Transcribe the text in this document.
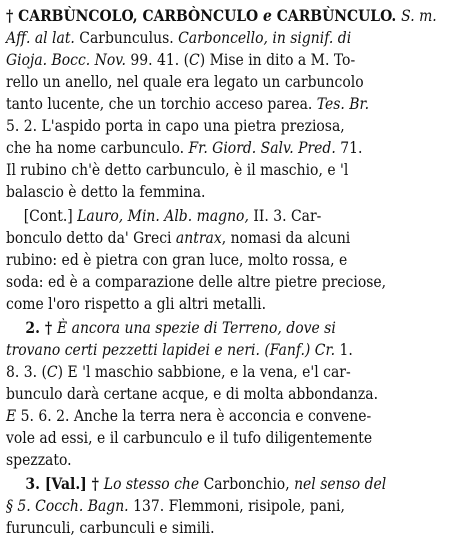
† CARBÙNCOLO, CARBÒNCULO e CARBÙNCULO. S. m.
Aff. al lat. Carbunculus. Carboncello, in signif. di
Gioja. Bocc. Nov. 99. 41. (C) Mise in dito a M. To-
rello un anello, nel quale era legato un carbuncolo
tanto lucente, che un torchio acceso parea. Tes. Br.
5. 2. L'aspido porta in capo una pietra preziosa,
che ha nome carbunculo. Fr. Giord. Salv. Pred. 71.
Il rubino ch'è detto carbunculo, è il maschio, e 'l
balascio è detto la femmina.
[Cont.] Lauro, Min. Alb. magno, II. 3. Car-
bonculo detto da' Greci antrax, nomasi da alcuni
rubino: ed è pietra con gran luce, molto rossa, e
soda: ed è a comparazione delle altre pietre preciose,
come l'oro rispetto a gli altri metalli.
2. † È ancora una spezie di Terreno, dove si
trovano certi pezzetti lapidei e neri. (Fanf.) Cr. 1.
8. 3. (C) E 'l maschio sabbione, e la vena, e'l car-
bunculo darà certane acque, e di molta abbondanza.
E 5. 6. 2. Anche la terra nera è acconcia e convene-
vole ad essi, e il carbunculo e il tufo diligentemente
spezzato.
3. [Val.] † Lo stesso che Carbonchio, nel senso del
§ 5. Cocch. Bagn. 137. Flemmoni, risipole, pani,
furunculi, carbunculi e simili.
